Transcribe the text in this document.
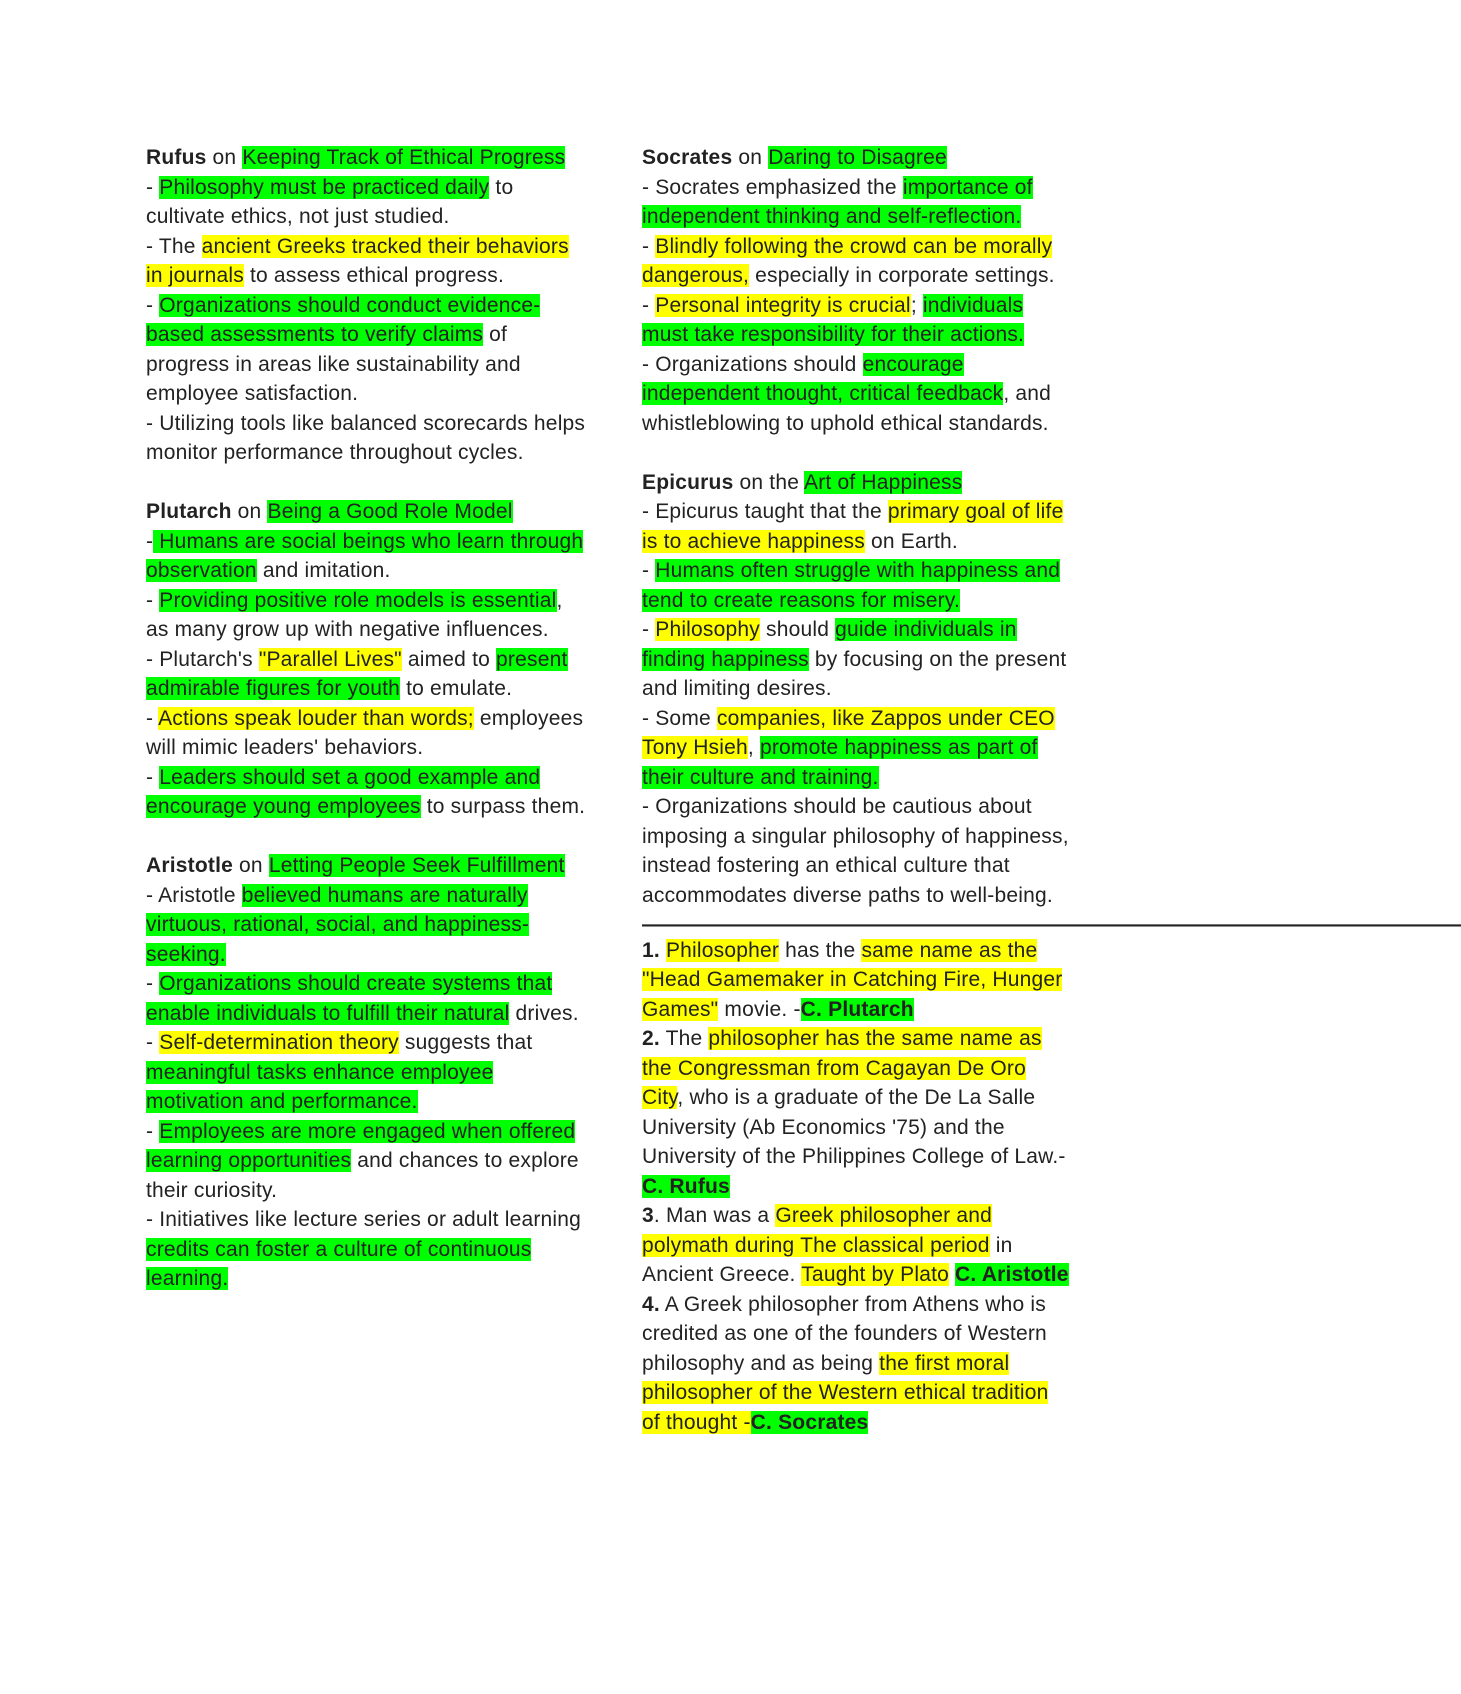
Rufus on Keeping Track of Ethical Progress
- Philosophy must be practiced daily to cultivate ethics, not just studied.
- The ancient Greeks tracked their behaviors in journals to assess ethical progress.
- Organizations should conduct evidence-based assessments to verify claims of progress in areas like sustainability and employee satisfaction.
- Utilizing tools like balanced scorecards helps monitor performance throughout cycles.
Plutarch on Being a Good Role Model
- Humans are social beings who learn through observation and imitation.
- Providing positive role models is essential, as many grow up with negative influences.
- Plutarch's "Parallel Lives" aimed to present admirable figures for youth to emulate.
- Actions speak louder than words; employees will mimic leaders' behaviors.
- Leaders should set a good example and encourage young employees to surpass them.
Aristotle on Letting People Seek Fulfillment
- Aristotle believed humans are naturally virtuous, rational, social, and happiness-seeking.
- Organizations should create systems that enable individuals to fulfill their natural drives.
- Self-determination theory suggests that meaningful tasks enhance employee motivation and performance.
- Employees are more engaged when offered learning opportunities and chances to explore their curiosity.
- Initiatives like lecture series or adult learning credits can foster a culture of continuous learning.
Socrates on Daring to Disagree
- Socrates emphasized the importance of independent thinking and self-reflection.
- Blindly following the crowd can be morally dangerous, especially in corporate settings.
- Personal integrity is crucial; individuals must take responsibility for their actions.
- Organizations should encourage independent thought, critical feedback, and whistleblowing to uphold ethical standards.
Epicurus on the Art of Happiness
- Epicurus taught that the primary goal of life is to achieve happiness on Earth.
- Humans often struggle with happiness and tend to create reasons for misery.
- Philosophy should guide individuals in finding happiness by focusing on the present and limiting desires.
- Some companies, like Zappos under CEO Tony Hsieh, promote happiness as part of their culture and training.
- Organizations should be cautious about imposing a singular philosophy of happiness, instead fostering an ethical culture that accommodates diverse paths to well-being.
———————————————————————————————————————
1. Philosopher has the same name as the "Head Gamemaker in Catching Fire, Hunger Games" movie. -C. Plutarch
2. The philosopher has the same name as the Congressman from Cagayan De Oro City, who is a graduate of the De La Salle University (Ab Economics '75) and the University of the Philippines College of Law.-C. Rufus
3. Man was a Greek philosopher and polymath during The classical period in Ancient Greece. Taught by Plato C. Aristotle
4. A Greek philosopher from Athens who is credited as one of the founders of Western philosophy and as being the first moral philosopher of the Western ethical tradition of thought -C. Socrates
